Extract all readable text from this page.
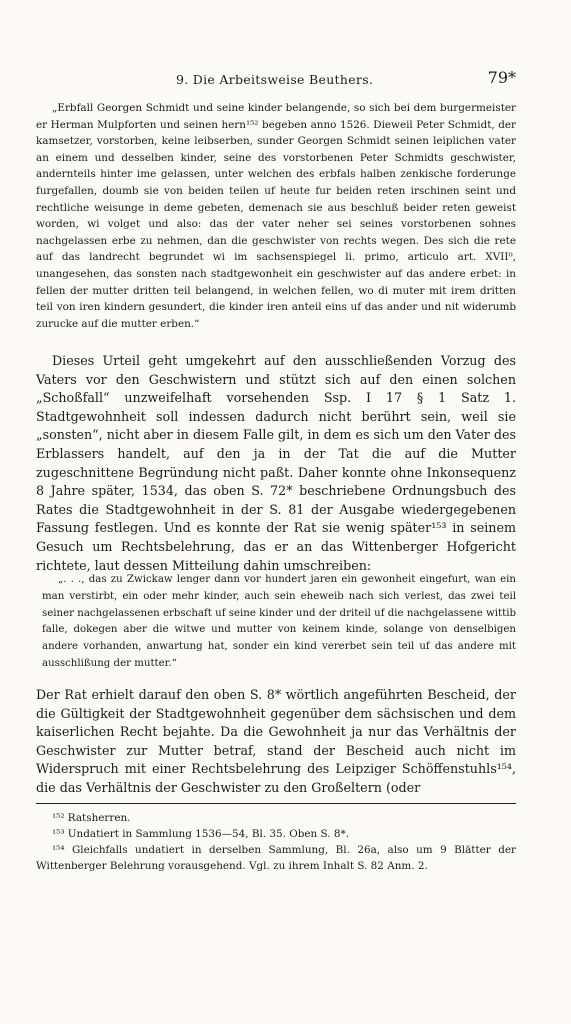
9. Die Arbeitsweise Beuthers.	79*

„Erbfall Georgen Schmidt und seine kinder belangende, so sich bei dem burgermeister er Herman Mulpforten und seinen hern¹⁵² begeben anno 1526. Dieweil Peter Schmidt, der kamsetzer, vorstorben, keine leibserben, sunder Georgen Schmidt seinen leiplichen vater an einem und desselben kinder, seine des vorstorbenen Peter Schmidts geschwister, andernteils hinter ime gelassen, unter welchen des erbfals halben zenkische forderunge furgefallen, doumb sie von beiden teilen uf heute fur beiden reten irschinen seint und rechtliche weisunge in deme gebeten, demenach sie aus beschluß beider reten geweist worden, wi volget und also: das der vater neher sei seines vorstorbenen sohnes nachgelassen erbe zu nehmen, dan die geschwister von rechts wegen. Des sich die rete auf das landrecht begrundet wi im sachsenspiegel li. primo, articulo art. XVII⁰, unangesehen, das sonsten nach stadtgewonheit ein geschwister auf das andere erbet: in fellen der mutter dritten teil belangend, in welchen fellen, wo di muter mit irem dritten teil von iren kindern gesundert, die kinder iren anteil eins uf das ander und nit widerumb zurucke auf die mutter erben.“

Dieses Urteil geht umgekehrt auf den ausschließenden Vorzug des Vaters vor den Geschwistern und stützt sich auf den einen solchen „Schoßfall“ unzweifelhaft vorsehenden Ssp. I 17 § 1 Satz 1. Stadtgewohnheit soll indessen dadurch nicht berührt sein, weil sie „sonsten“, nicht aber in diesem Falle gilt, in dem es sich um den Vater des Erblassers handelt, auf den ja in der Tat die auf die Mutter zugeschnittene Begründung nicht paßt. Daher konnte ohne Inkonsequenz 8 Jahre später, 1534, das oben S. 72* beschriebene Ordnungsbuch des Rates die Stadtgewohnheit in der S. 81 der Ausgabe wiedergegebenen Fassung festlegen. Und es konnte der Rat sie wenig später¹⁵³ in seinem Gesuch um Rechtsbelehrung, das er an das Wittenberger Hofgericht richtete, laut dessen Mitteilung dahin umschreiben:

„. . ., das zu Zwickaw lenger dann vor hundert jaren ein gewonheit eingefurt, wan ein man verstirbt, ein oder mehr kinder, auch sein eheweib nach sich verlest, das zwei teil seiner nachgelassenen erbschaft uf seine kinder und der driteil uf die nachgelassene wittib falle, dokegen aber die witwe und mutter von keinem kinde, solange von denselbigen andere vorhanden, anwartung hat, sonder ein kind vererbet sein teil uf das andere mit ausschlißung der mutter.“

Der Rat erhielt darauf den oben S. 8* wörtlich angeführten Bescheid, der die Gültigkeit der Stadtgewohnheit gegenüber dem sächsischen und dem kaiserlichen Recht bejahte. Da die Gewohnheit ja nur das Verhältnis der Geschwister zur Mutter betraf, stand der Bescheid auch nicht im Widerspruch mit einer Rechtsbelehrung des Leipziger Schöffenstuhls¹⁵⁴, die das Verhältnis der Geschwister zu den Großeltern (oder

¹⁵² Ratsherren.
¹⁵³ Undatiert in Sammlung 1536—54, Bl. 35. Oben S. 8*.
¹⁵⁴ Gleichfalls undatiert in derselben Sammlung, Bl. 26a, also um 9 Blätter der Wittenberger Belehrung vorausgehend. Vgl. zu ihrem Inhalt S. 82 Anm. 2.
